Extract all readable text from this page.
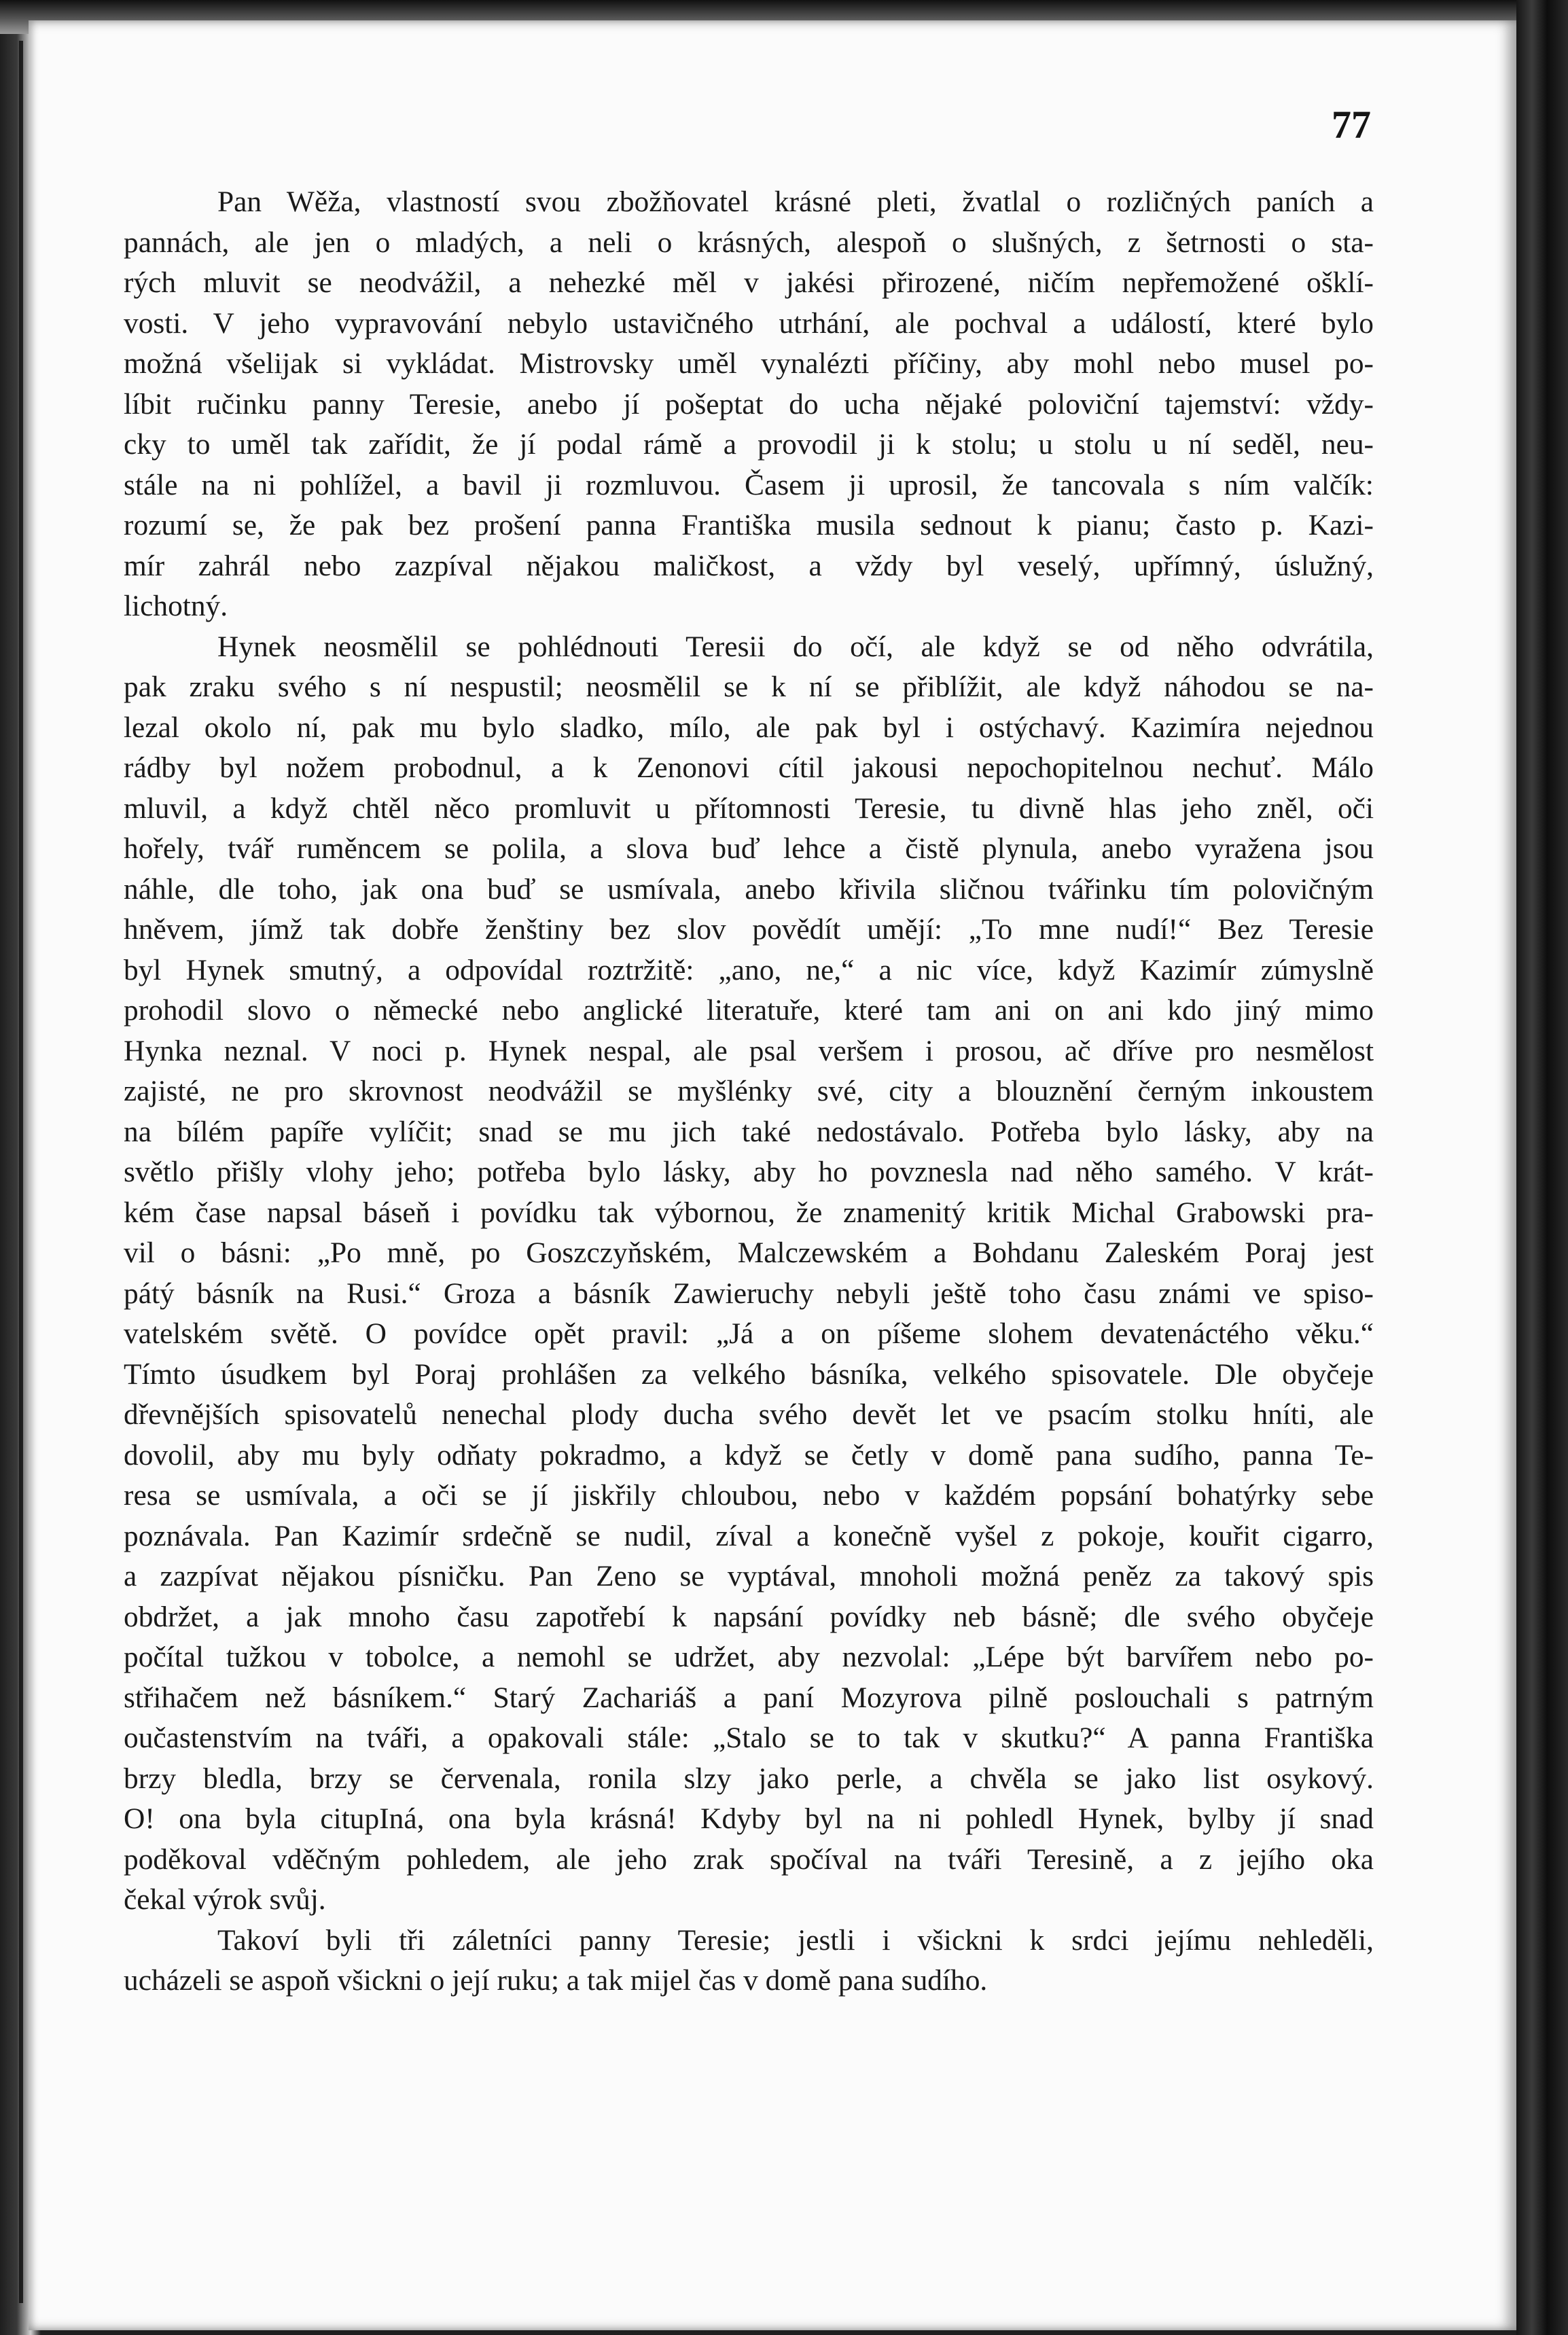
77
Pan Wěža, vlastností svou zbožňovatel krásné pleti, žvatlal o rozličných paních a
pannách, ale jen o mladých, a neli o krásných, alespoň o slušných, z šetrnosti o sta-
rých mluvit se neodvážil, a nehezké měl v jakési přirozené, ničím nepřemožené ošklí-
vosti. V jeho vypravování nebylo ustavičného utrhání, ale pochval a událostí, které bylo
možná všelijak si vykládat. Mistrovsky uměl vynalézti příčiny, aby mohl nebo musel po-
líbit ručinku panny Teresie, anebo jí pošeptat do ucha nějaké poloviční tajemství: vždy-
cky to uměl tak zařídit, že jí podal rámě a provodil ji k stolu; u stolu u ní seděl, neu-
stále na ni pohlížel, a bavil ji rozmluvou. Časem ji uprosil, že tancovala s ním valčík:
rozumí se, že pak bez prošení panna Františka musila sednout k pianu; často p. Kazi-
mír zahrál nebo zazpíval nějakou maličkost, a vždy byl veselý, upřímný, úslužný,
lichotný.
Hynek neosmělil se pohlédnouti Teresii do očí, ale když se od něho odvrátila,
pak zraku svého s ní nespustil; neosmělil se k ní se přiblížit, ale když náhodou se na-
lezal okolo ní, pak mu bylo sladko, mílo, ale pak byl i ostýchavý. Kazimíra nejednou
rádby byl nožem probodnul, a k Zenonovi cítil jakousi nepochopitelnou nechuť. Málo
mluvil, a když chtěl něco promluvit u přítomnosti Teresie, tu divně hlas jeho zněl, oči
hořely, tvář ruměncem se polila, a slova buď lehce a čistě plynula, anebo vyražena jsou
náhle, dle toho, jak ona buď se usmívala, anebo křivila sličnou tvářinku tím polovičným
hněvem, jímž tak dobře ženštiny bez slov povědít umějí: „To mne nudí!“ Bez Teresie
byl Hynek smutný, a odpovídal roztržitě: „ano, ne,“ a nic více, když Kazimír zúmyslně
prohodil slovo o německé nebo anglické literatuře, které tam ani on ani kdo jiný mimo
Hynka neznal. V noci p. Hynek nespal, ale psal veršem i prosou, ač dříve pro nesmělost
zajisté, ne pro skrovnost neodvážil se myšlénky své, city a blouznění černým inkoustem
na bílém papíře vylíčit; snad se mu jich také nedostávalo. Potřeba bylo lásky, aby na
světlo přišly vlohy jeho; potřeba bylo lásky, aby ho povznesla nad něho samého. V krát-
kém čase napsal báseň i povídku tak výbornou, že znamenitý kritik Michal Grabowski pra-
vil o básni: „Po mně, po Goszczyňském, Malczewském a Bohdanu Zaleském Poraj jest
pátý básník na Rusi.“ Groza a básník Zawieruchy nebyli ještě toho času známi ve spiso-
vatelském světě. O povídce opět pravil: „Já a on píšeme slohem devatenáctého věku.“
Tímto úsudkem byl Poraj prohlášen za velkého básníka, velkého spisovatele. Dle obyčeje
dřevnějších spisovatelů nenechal plody ducha svého devět let ve psacím stolku hníti, ale
dovolil, aby mu byly odňaty pokradmo, a když se četly v domě pana sudího, panna Te-
resa se usmívala, a oči se jí jiskřily chloubou, nebo v každém popsání bohatýrky sebe
poznávala. Pan Kazimír srdečně se nudil, zíval a konečně vyšel z pokoje, kouřit cigarro,
a zazpívat nějakou písničku. Pan Zeno se vyptával, mnoholi možná peněz za takový spis
obdržet, a jak mnoho času zapotřebí k napsání povídky neb básně; dle svého obyčeje
počítal tužkou v tobolce, a nemohl se udržet, aby nezvolal: „Lépe být barvířem nebo po-
střihačem než básníkem.“ Starý Zachariáš a paní Mozyrova pilně poslouchali s patrným
oučastenstvím na tváři, a opakovali stále: „Stalo se to tak v skutku?“ A panna Františka
brzy bledla, brzy se červenala, ronila slzy jako perle, a chvěla se jako list osykový.
O! ona byla citupIná, ona byla krásná! Kdyby byl na ni pohledl Hynek, bylby jí snad
poděkoval vděčným pohledem, ale jeho zrak spočíval na tváři Teresině, a z jejího oka
čekal výrok svůj.
Takoví byli tři záletníci panny Teresie; jestli i všickni k srdci jejímu nehleděli,
ucházeli se aspoň všickni o její ruku; a tak mijel čas v domě pana sudího.
